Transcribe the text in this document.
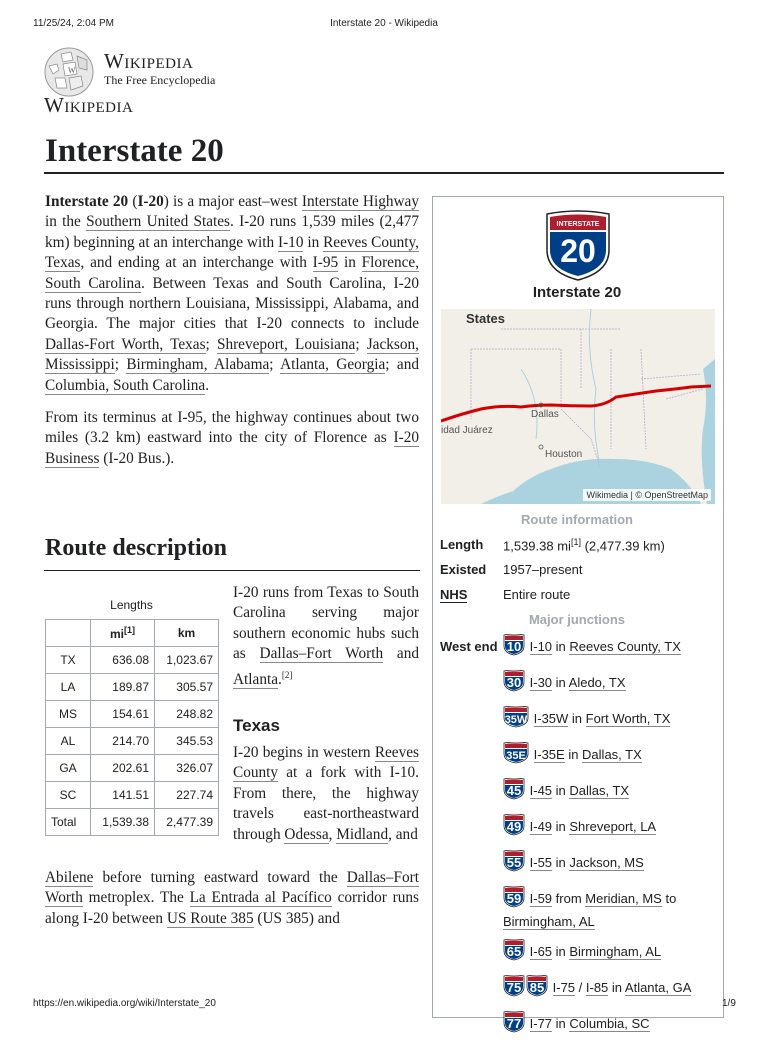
11/25/24, 2:04 PM	Interstate 20 - Wikipedia
W Wikipedia
The Free Encyclopedia
Wikipedia
Interstate 20

Interstate 20 (I-20) is a major east–west Interstate Highway in the Southern United States. I-20 runs 1,539 miles (2,477 km) beginning at an interchange with I-10 in Reeves County, Texas, and ending at an interchange with I-95 in Florence, South Carolina. Between Texas and South Carolina, I-20 runs through northern Louisiana, Mississippi, Alabama, and Georgia. The major cities that I-20 connects to include Dallas-Fort Worth, Texas; Shreveport, Louisiana; Jackson, Mississippi; Birmingham, Alabama; Atlanta, Georgia; and Columbia, South Carolina.

From its terminus at I-95, the highway continues about two miles (3.2 km) eastward into the city of Florence as I-20 Business (I-20 Bus.).

Route description
Lengths
	mi[1]	km
TX	636.08	1,023.67
LA	189.87	305.57
MS	154.61	248.82
AL	214.70	345.53
GA	202.61	326.07
SC	141.51	227.74
Total	1,539.38	2,477.39

I-20 runs from Texas to South Carolina serving major southern economic hubs such as Dallas–Fort Worth and Atlanta.[2]

Texas

I-20 begins in western Reeves County at a fork with I-10. From there, the highway travels east-northeastward through Odessa, Midland, and

Abilene before turning eastward toward the Dallas–Fort Worth metroplex. The La Entrada al Pacífico corridor runs along I-20 between US Route 385 (US 385) and

INTERSTATE
20
Interstate 20
States
Dallas
idad Juárez
Houston
Wikimedia | © OpenStreetMap
Route information
Length 1,539.38 mi[1] (2,477.39 km)
Existed 1957–present
NHS	Entire route
Major junctions
West end 10 I-10 in Reeves County, TX
30 I-30 in Aledo, TX
35W I-35W in Fort Worth, TX
35E I-35E in Dallas, TX
45 I-45 in Dallas, TX
49 I-49 in Shreveport, LA
55 I-55 in Jackson, MS
59 I-59 from Meridian, MS to Birmingham, AL
65 I-65 in Birmingham, AL
75 85 I-75 / I-85 in Atlanta, GA
77 I-77 in Columbia, SC
https://en.wikipedia.org/wiki/Interstate_20	1/9
